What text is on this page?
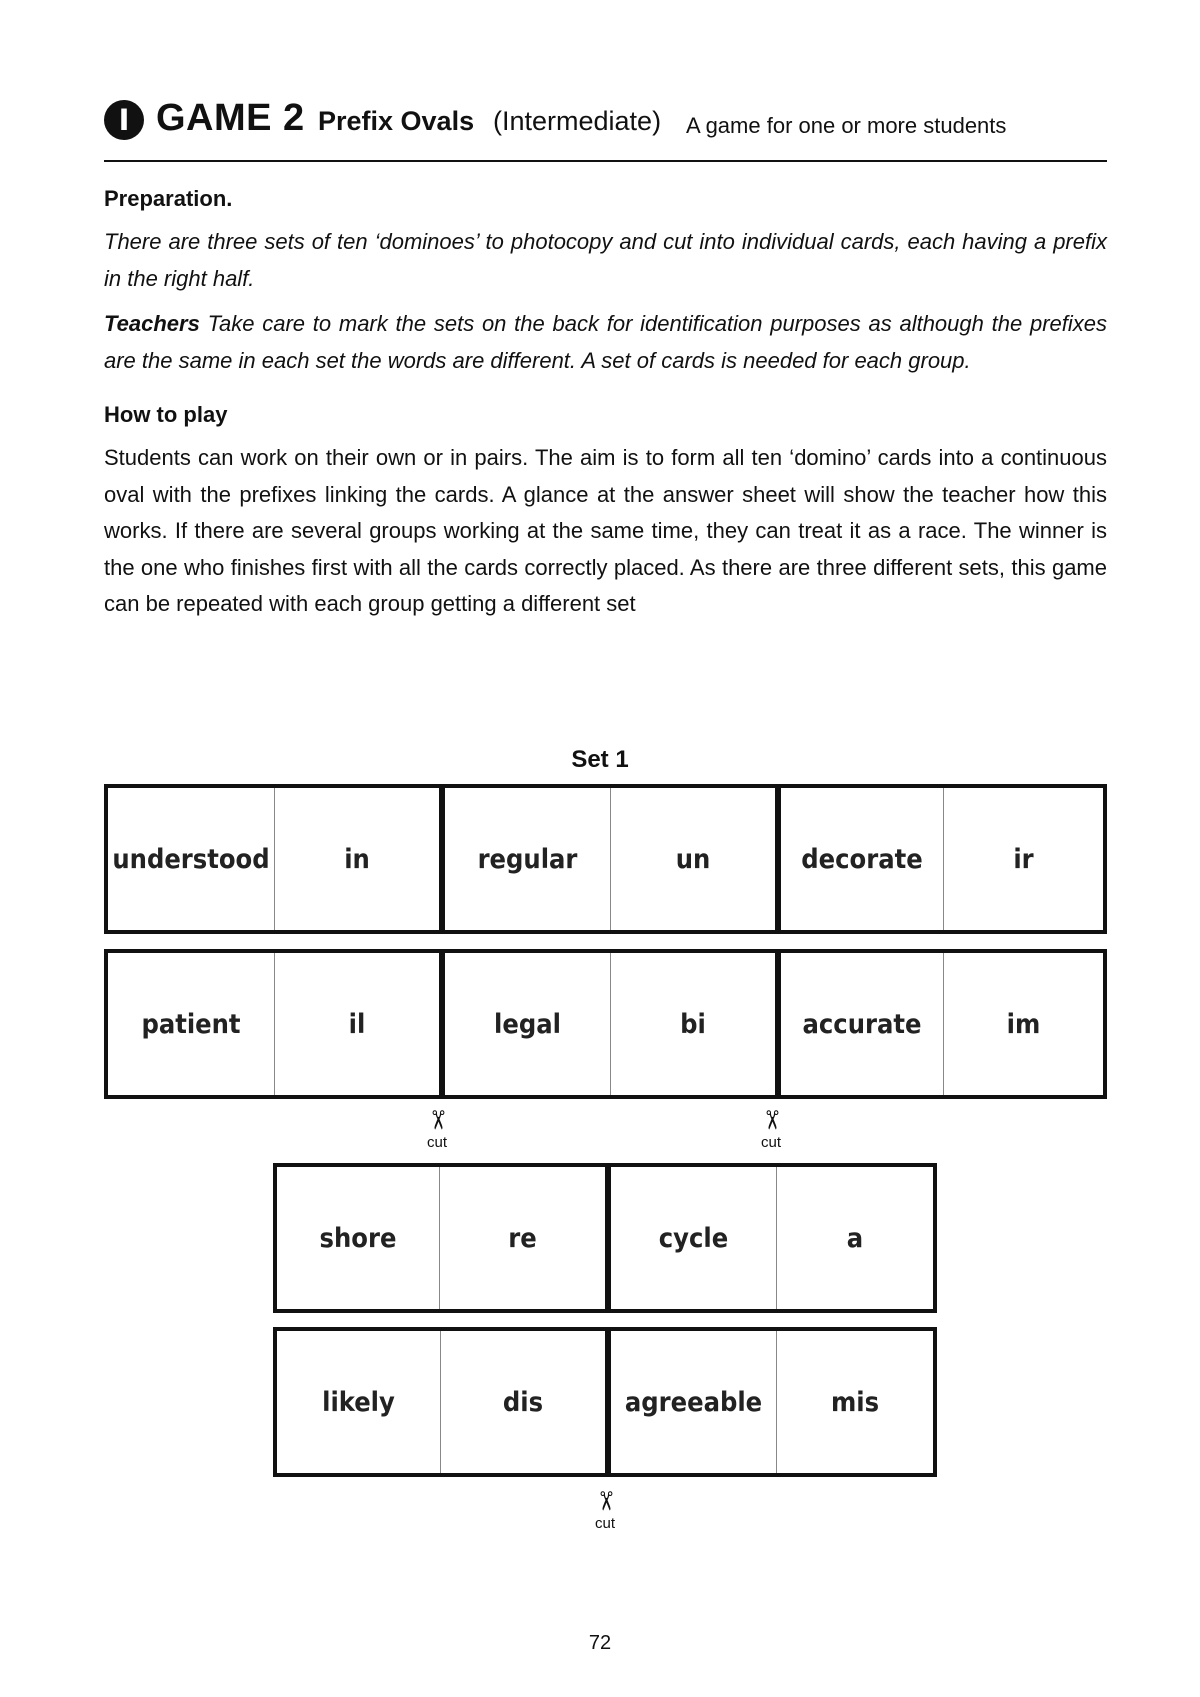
I GAME 2 Prefix Ovals (Intermediate) A game for one or more students
Preparation.

There are three sets of ten ‘dominoes’ to photocopy and cut into individual cards, each having a prefix in the right half.

Teachers Take care to mark the sets on the back for identification purposes as although the prefixes are the same in each set the words are different. A set of cards is needed for each group.

How to play

Students can work on their own or in pairs. The aim is to form all ten ‘domino’ cards into a continuous oval with the prefixes linking the cards. A glance at the answer sheet will show the teacher how this works. If there are several groups working at the same time, they can treat it as a race. The winner is the one who finishes first with all the cards correctly placed. As there are three different sets, this game can be repeated with each group getting a different set

Set 1
understood	in	regular	un	decorate	ir
patient	il	legal	bi	accurate	im
✂
cut
✂
cut
shore	re	cycle	a
likely	dis	agreeable	mis
✂
cut
72
